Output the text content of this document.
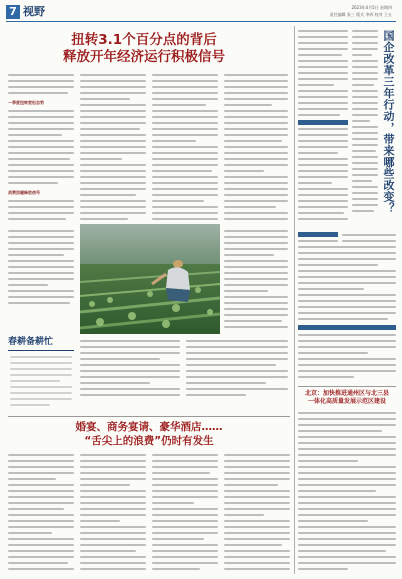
7 视野	2023年4月5日 星期四
责任编辑 张三 版式 李四 校对 王五
扭转3.1个百分点的背后
释放开年经济运行积极信号
一季度扭转宽松态势
消费回暖释放信号
春耕备耕忙
婚宴、商务宴请、豪华酒店……
“舌尖上的浪费”仍时有发生
国企改革三年行动，带来哪些改变？
北京：加快推进通州区与北三县
一体化高质量发展示范区建设
